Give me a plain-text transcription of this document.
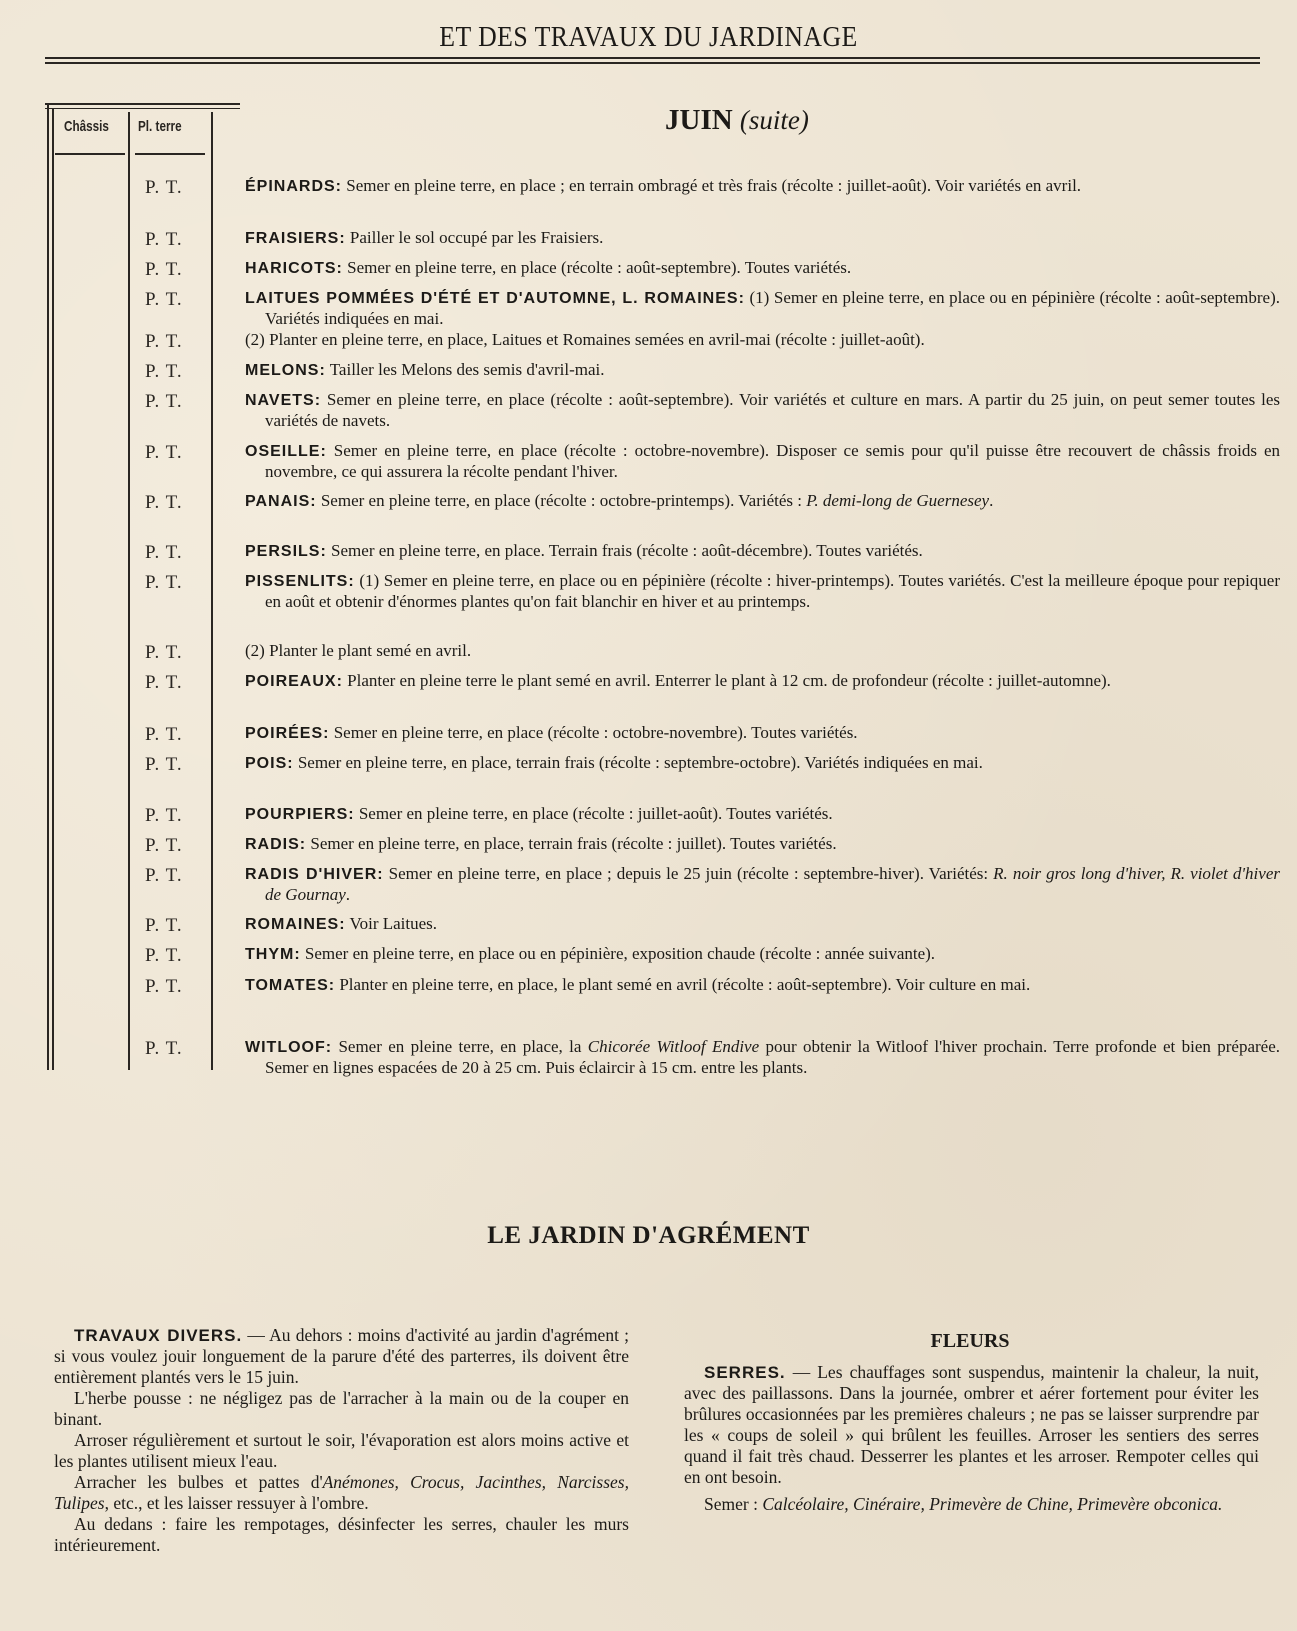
ET DES TRAVAUX DU JARDINAGE
Châssis Pl. terre	JUIN (suite)
P. T.	ÉPINARDS: Semer en pleine terre, en place ; en terrain ombragé et très frais (récolte : juillet-août). Voir variétés en avril.
P. T.	FRAISIERS: Pailler le sol occupé par les Fraisiers.
P. T.	HARICOTS: Semer en pleine terre, en place (récolte : août-septembre). Toutes variétés.
P. T.	LAITUES POMMÉES D'ÉTÉ ET D'AUTOMNE, L. ROMAINES: (1) Semer en pleine terre, en place ou en pépinière (récolte : août-septembre). Variétés indiquées en mai.
P. T.	(2) Planter en pleine terre, en place, Laitues et Romaines semées en avril-mai (récolte : juillet-août).
P. T.	MELONS: Tailler les Melons des semis d'avril-mai.
P. T.	NAVETS: Semer en pleine terre, en place (récolte : août-septembre). Voir variétés et culture en mars. A partir du 25 juin, on peut semer toutes les variétés de navets.
P. T.	OSEILLE: Semer en pleine terre, en place (récolte : octobre-novembre). Disposer ce semis pour qu'il puisse être recouvert de châssis froids en novembre, ce qui assurera la récolte pendant l'hiver.
P. T.	PANAIS: Semer en pleine terre, en place (récolte : octobre-printemps). Variétés : P. demi-long de Guernesey.
P. T.	PERSILS: Semer en pleine terre, en place. Terrain frais (récolte : août-décembre). Toutes variétés.
P. T.	PISSENLITS: (1) Semer en pleine terre, en place ou en pépinière (récolte : hiver-printemps). Toutes variétés. C'est la meilleure époque pour repiquer en août et obtenir d'énormes plantes qu'on fait blanchir en hiver et au printemps.
P. T.	(2) Planter le plant semé en avril.
P. T.	POIREAUX: Planter en pleine terre le plant semé en avril. Enterrer le plant à 12 cm. de profondeur (récolte : juillet-automne).
P. T.	POIRÉES: Semer en pleine terre, en place (récolte : octobre-novembre). Toutes variétés.
P. T.	POIS: Semer en pleine terre, en place, terrain frais (récolte : septembre-octobre). Variétés indiquées en mai.
P. T.	POURPIERS: Semer en pleine terre, en place (récolte : juillet-août). Toutes variétés.
P. T.	RADIS: Semer en pleine terre, en place, terrain frais (récolte : juillet). Toutes variétés.
P. T.	RADIS D'HIVER: Semer en pleine terre, en place ; depuis le 25 juin (récolte : septembre-hiver). Variétés: R. noir gros long d'hiver, R. violet d'hiver de Gournay.
P. T.	ROMAINES: Voir Laitues.
P. T.	THYM: Semer en pleine terre, en place ou en pépinière, exposition chaude (récolte : année suivante).
P. T.	TOMATES: Planter en pleine terre, en place, le plant semé en avril (récolte : août-septembre). Voir culture en mai.
P. T.	WITLOOF: Semer en pleine terre, en place, la Chicorée Witloof Endive pour obtenir la Witloof l'hiver prochain. Terre profonde et bien préparée. Semer en lignes espacées de 20 à 25 cm. Puis éclaircir à 15 cm. entre les plants.
LE JARDIN D'AGRÉMENT

TRAVAUX DIVERS. — Au dehors : moins d'activité au jardin d'agrément ; si vous voulez jouir longuement de la parure d'été des parterres, ils doivent être entièrement plantés vers le 15 juin.

L'herbe pousse : ne négligez pas de l'arracher à la main ou de la couper en binant.

Arroser régulièrement et surtout le soir, l'évaporation est alors moins active et les plantes utilisent mieux l'eau.

Arracher les bulbes et pattes d'Anémones, Crocus, Jacinthes, Narcisses, Tulipes, etc., et les laisser ressuyer à l'ombre.

Au dedans : faire les rempotages, désinfecter les serres, chauler les murs intérieurement.

FLEURS

SERRES. — Les chauffages sont suspendus, maintenir la chaleur, la nuit, avec des paillassons. Dans la journée, ombrer et aérer fortement pour éviter les brûlures occasionnées par les premières chaleurs ; ne pas se laisser surprendre par les « coups de soleil » qui brûlent les feuilles. Arroser les sentiers des serres quand il fait très chaud. Desserrer les plantes et les arroser. Rempoter celles qui en ont besoin.

Semer : Calcéolaire, Cinéraire, Primevère de Chine, Primevère obconica.
